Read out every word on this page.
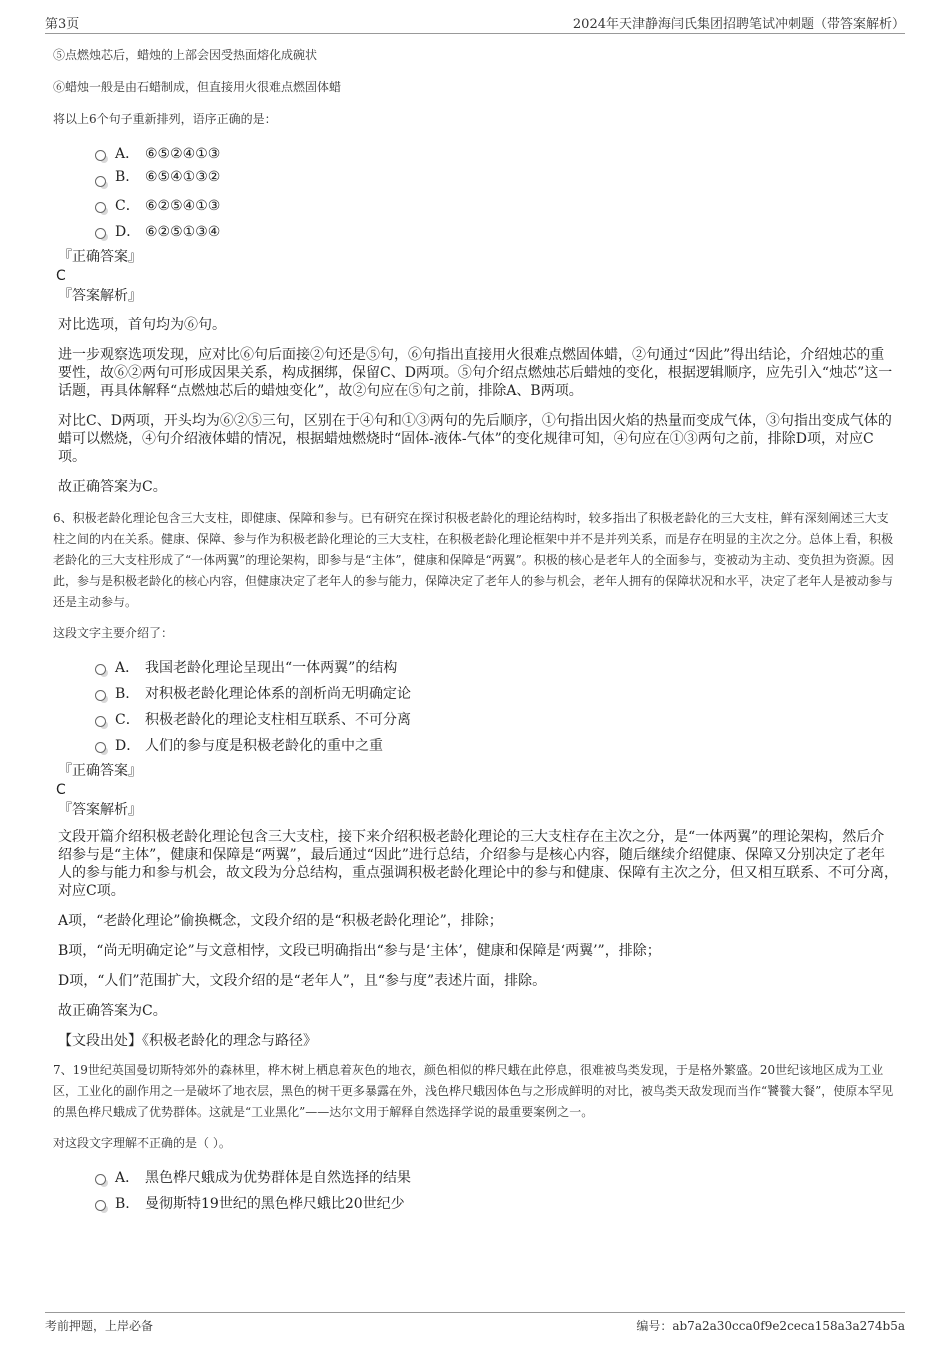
第3页	2024年天津静海闫氏集团招聘笔试冲刺题（带答案解析）

⑤点燃烛芯后，蜡烛的上部会因受热面熔化成碗状

⑥蜡烛一般是由石蜡制成，但直接用火很难点燃固体蜡

将以上6个句子重新排列，语序正确的是：

A． ⑥⑤②④①③
B. ⑥⑤④①③②
C． ⑥②⑤④①③
D． ⑥②⑤①③④

『正确答案』

C

『答案解析』

对比选项，首句均为⑥句。

进一步观察选项发现，应对比⑥句后面接②句还是⑤句，⑥句指出直接用火很难点燃固体蜡，②句通过“因此”得出结论，介绍烛芯的重要性，故⑥②两句可形成因果关系，构成捆绑，保留C、D两项。⑤句介绍点燃烛芯后蜡烛的变化，根据逻辑顺序，应先引入“烛芯”这一话题，再具体解释“点燃烛芯后的蜡烛变化”，故②句应在⑤句之前，排除A、B两项。

对比C、D两项，开头均为⑥②⑤三句，区别在于④句和①③两句的先后顺序，①句指出因火焰的热量而变成气体，③句指出变成气体的蜡可以燃烧，④句介绍液体蜡的情况，根据蜡烛燃烧时“固体-液体-气体”的变化规律可知，④句应在①③两句之前，排除D项，对应C项。

故正确答案为C。

6、积极老龄化理论包含三大支柱，即健康、保障和参与。已有研究在探讨积极老龄化的理论结构时，较多指出了积极老龄化的三大支柱，鲜有深刻阐述三大支柱之间的内在关系。健康、保障、参与作为积极老龄化理论的三大支柱，在积极老龄化理论框架中并不是并列关系，而是存在明显的主次之分。总体上看，积极老龄化的三大支柱形成了“一体两翼”的理论架构，即参与是“主体”，健康和保障是“两翼”。积极的核心是老年人的全面参与，变被动为主动、变负担为资源。因此，参与是积极老龄化的核心内容，但健康决定了老年人的参与能力，保障决定了老年人的参与机会，老年人拥有的保障状况和水平，决定了老年人是被动参与还是主动参与。

这段文字主要介绍了：

A． 我国老龄化理论呈现出“一体两翼”的结构
B. 对积极老龄化理论体系的剖析尚无明确定论
C． 积极老龄化的理论支柱相互联系、不可分离
D． 人们的参与度是积极老龄化的重中之重

『正确答案』

C

『答案解析』

文段开篇介绍积极老龄化理论包含三大支柱，接下来介绍积极老龄化理论的三大支柱存在主次之分，是“一体两翼”的理论架构，然后介绍参与是“主体”，健康和保障是“两翼”，最后通过“因此”进行总结，介绍参与是核心内容，随后继续介绍健康、保障又分别决定了老年人的参与能力和参与机会，故文段为分总结构，重点强调积极老龄化理论中的参与和健康、保障有主次之分，但又相互联系、不可分离，对应C项。

A项，“老龄化理论”偷换概念，文段介绍的是“积极老龄化理论”，排除；

B项，“尚无明确定论”与文意相悖，文段已明确指出“参与是‘主体’，健康和保障是‘两翼’”，排除；

D项，“人们”范围扩大，文段介绍的是“老年人”，且“参与度”表述片面，排除。

故正确答案为C。

【文段出处】《积极老龄化的理念与路径》

7、19世纪英国曼切斯特郊外的森林里，桦木树上栖息着灰色的地衣，颜色相似的桦尺蛾在此停息，很难被鸟类发现，于是格外繁盛。20世纪该地区成为工业区，工业化的副作用之一是破坏了地衣层，黑色的树干更多暴露在外，浅色桦尺蛾因体色与之形成鲜明的对比，被鸟类天敌发现而当作“饕餮大餐”，使原本罕见的黑色桦尺蛾成了优势群体。这就是“工业黑化”——达尔文用于解释自然选择学说的最重要案例之一。

对这段文字理解不正确的是（ ）。

A． 黑色桦尺蛾成为优势群体是自然选择的结果
B. 曼彻斯特19世纪的黑色桦尺蛾比20世纪少
考前押题，上岸必备	编号：ab7a2a30cca0f9e2ceca158a3a274b5a
